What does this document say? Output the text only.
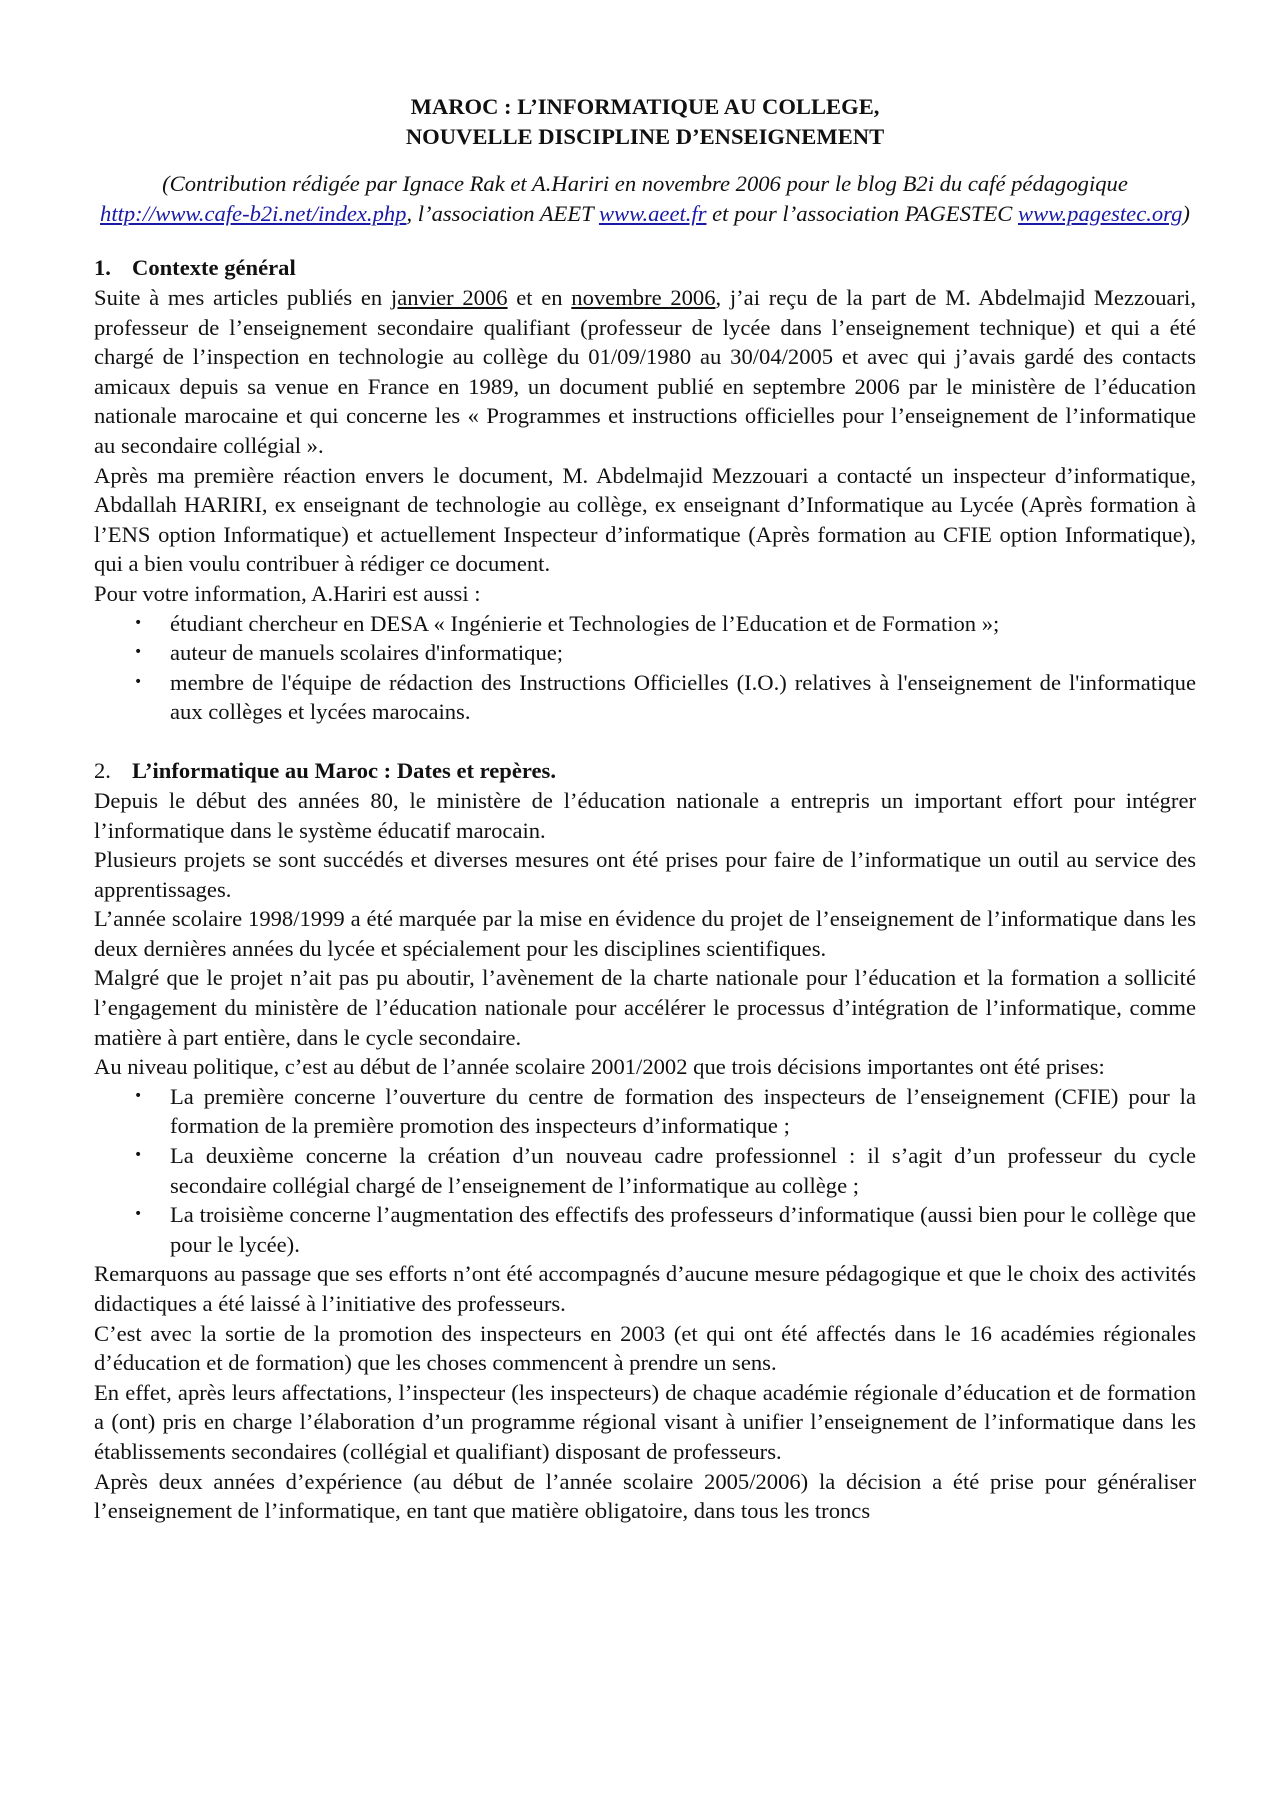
MAROC : L’INFORMATIQUE AU COLLEGE,
NOUVELLE DISCIPLINE D’ENSEIGNEMENT

(Contribution rédigée par Ignace Rak et A.Hariri en novembre 2006 pour le blog B2i du café pédagogique http://www.cafe-b2i.net/index.php, l’association AEET www.aeet.fr et pour l’association PAGESTEC www.pagestec.org)

1. Contexte général

Suite à mes articles publiés en janvier 2006 et en novembre 2006, j’ai reçu de la part de M. Abdelmajid Mezzouari, professeur de l’enseignement secondaire qualifiant (professeur de lycée dans l’enseignement technique) et qui a été chargé de l’inspection en technologie au collège du 01/09/1980 au 30/04/2005 et avec qui j’avais gardé des contacts amicaux depuis sa venue en France en 1989, un document publié en septembre 2006 par le ministère de l’éducation nationale marocaine et qui concerne les « Programmes et instructions officielles pour l’enseignement de l’informatique au secondaire collégial ».

Après ma première réaction envers le document, M. Abdelmajid Mezzouari a contacté un inspecteur d’informatique, Abdallah HARIRI, ex enseignant de technologie au collège, ex enseignant d’Informatique au Lycée (Après formation à l’ENS option Informatique) et actuellement Inspecteur d’informatique (Après formation au CFIE option Informatique), qui a bien voulu contribuer à rédiger ce document.

Pour votre information, A.Hariri est aussi :

•	étudiant chercheur en DESA « Ingénierie et Technologies de l’Education et de Formation »;
•	auteur de manuels scolaires d'informatique;
•	membre de l'équipe de rédaction des Instructions Officielles (I.O.) relatives à l'enseignement de l'informatique aux collèges et lycées marocains.
2. L’informatique au Maroc : Dates et repères.

Depuis le début des années 80, le ministère de l’éducation nationale a entrepris un important effort pour intégrer l’informatique dans le système éducatif marocain.

Plusieurs projets se sont succédés et diverses mesures ont été prises pour faire de l’informatique un outil au service des apprentissages.

L’année scolaire 1998/1999 a été marquée par la mise en évidence du projet de l’enseignement de l’informatique dans les deux dernières années du lycée et spécialement pour les disciplines scientifiques.

Malgré que le projet n’ait pas pu aboutir, l’avènement de la charte nationale pour l’éducation et la formation a sollicité l’engagement du ministère de l’éducation nationale pour accélérer le processus d’intégration de l’informatique, comme matière à part entière, dans le cycle secondaire.

Au niveau politique, c’est au début de l’année scolaire 2001/2002 que trois décisions importantes ont été prises:

•	La première concerne l’ouverture du centre de formation des inspecteurs de l’enseignement (CFIE) pour la formation de la première promotion des inspecteurs d’informatique ;
•	La deuxième concerne la création d’un nouveau cadre professionnel : il s’agit d’un professeur du cycle secondaire collégial chargé de l’enseignement de l’informatique au collège ;
•	La troisième concerne l’augmentation des effectifs des professeurs d’informatique (aussi bien pour le collège que pour le lycée).

Remarquons au passage que ses efforts n’ont été accompagnés d’aucune mesure pédagogique et que le choix des activités didactiques a été laissé à l’initiative des professeurs.

C’est avec la sortie de la promotion des inspecteurs en 2003 (et qui ont été affectés dans le 16 académies régionales d’éducation et de formation) que les choses commencent à prendre un sens.

En effet, après leurs affectations, l’inspecteur (les inspecteurs) de chaque académie régionale d’éducation et de formation a (ont) pris en charge l’élaboration d’un programme régional visant à unifier l’enseignement de l’informatique dans les établissements secondaires (collégial et qualifiant) disposant de professeurs.

Après deux années d’expérience (au début de l’année scolaire 2005/2006) la décision a été prise pour généraliser l’enseignement de l’informatique, en tant que matière obligatoire, dans tous les troncs
